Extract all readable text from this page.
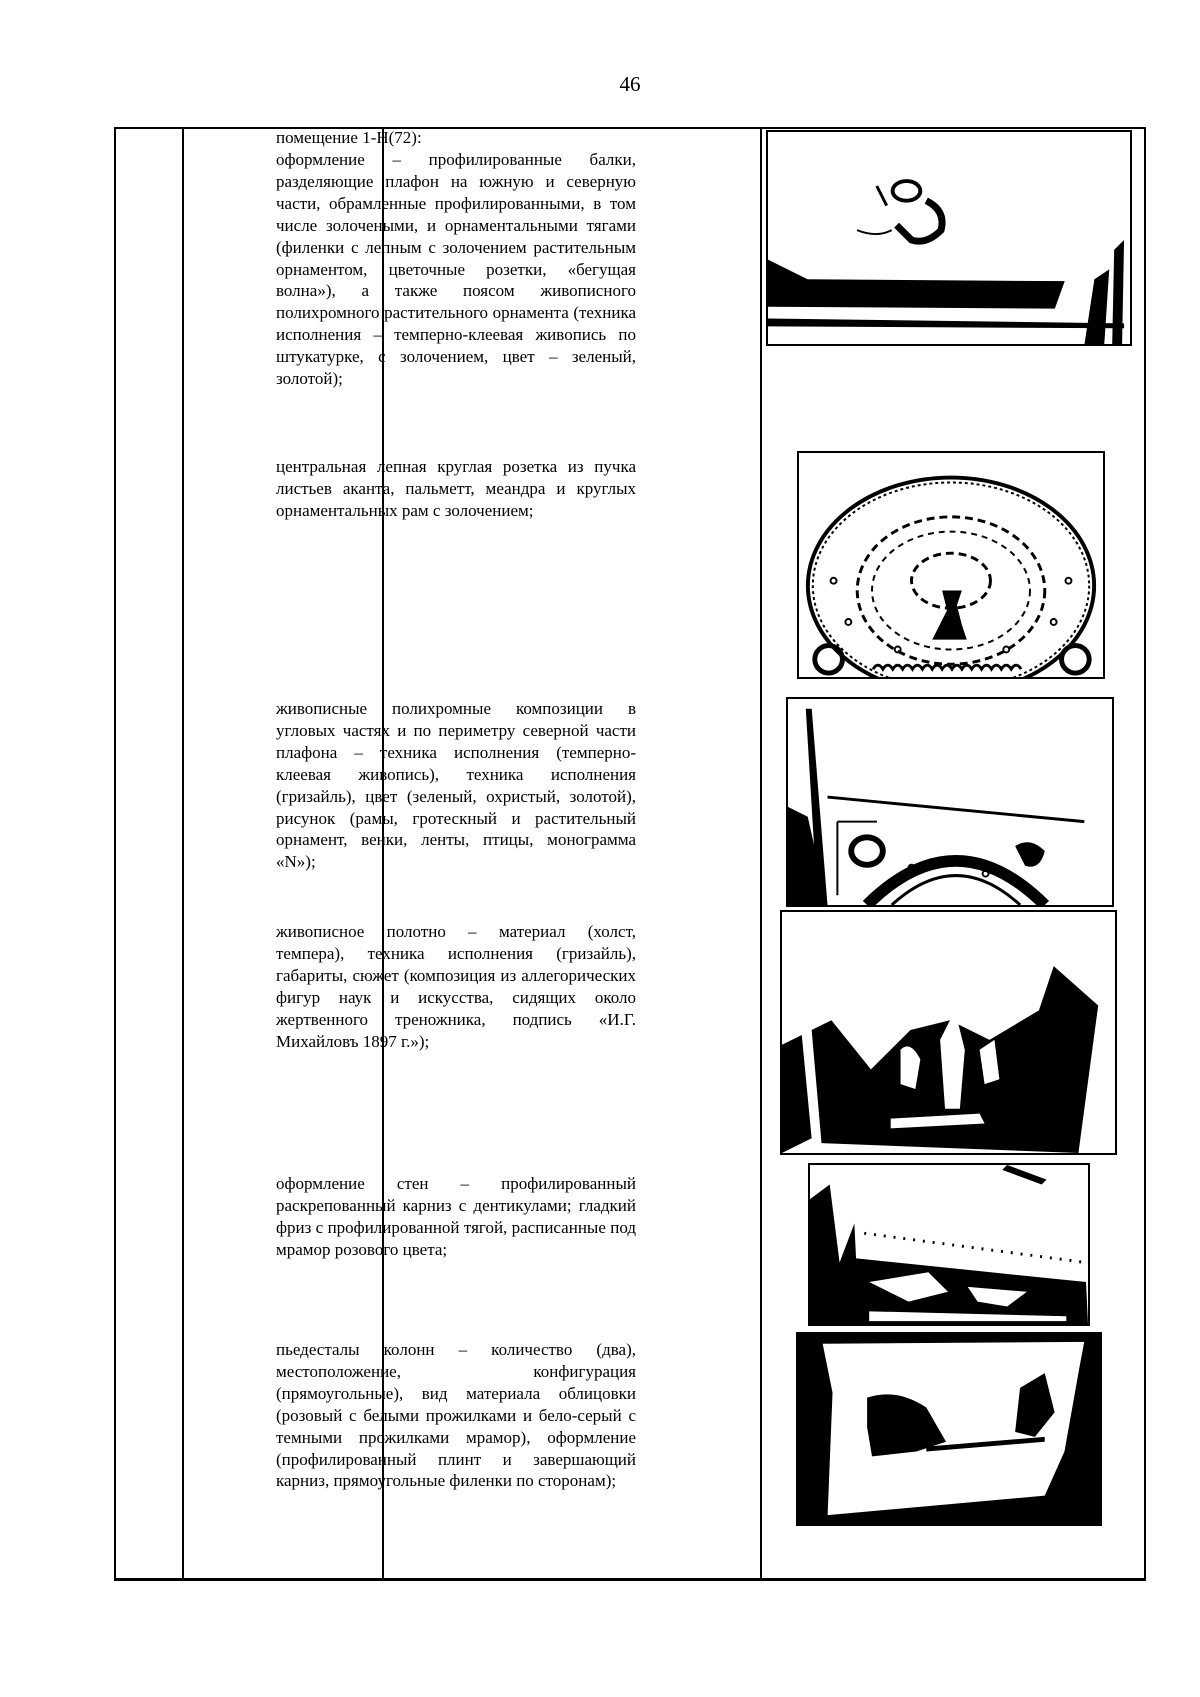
46
помещение 1-Н(72):
оформление – профилированные балки, разделяющие плафон на южную и северную части, обрамленные профилированными, в том числе золочеными, и орнаментальными тягами (филенки с лепным с золочением растительным орнаментом, цветочные розетки, «бегущая волна»), а также поясом живописного полихромного растительного орнамента (техника исполнения – темперно-клеевая живопись по штукатурке, с золочением, цвет – зеленый, золотой);
центральная лепная круглая розетка из пучка листьев аканта, пальметт, меандра и круглых орнаментальных рам с золочением;
живописные полихромные композиции в угловых частях и по периметру северной части плафона – техника исполнения (темперно-клеевая живопись), техника исполнения (гризайль), цвет (зеленый, охристый, золотой), рисунок (рамы, гротескный и растительный орнамент, венки, ленты, птицы, монограмма «N»);
живописное полотно – материал (холст, темпера), техника исполнения (гризайль), габариты, сюжет (композиция из аллегорических фигур наук и искусства, сидящих около жертвенного треножника, подпись «И.Г. Михайловъ 1897 г.»);
оформление стен – профилированный раскрепованный карниз с дентикулами; гладкий фриз с профилированной тягой, расписанные под мрамор розового цвета;
пьедесталы колонн – количество (два), местоположение, конфигурация (прямоугольные), вид материала облицовки (розовый с белыми прожилками и бело-серый с темными прожилками мрамор), оформление (профилированный плинт и завершающий карниз, прямоугольные филенки по сторонам);
